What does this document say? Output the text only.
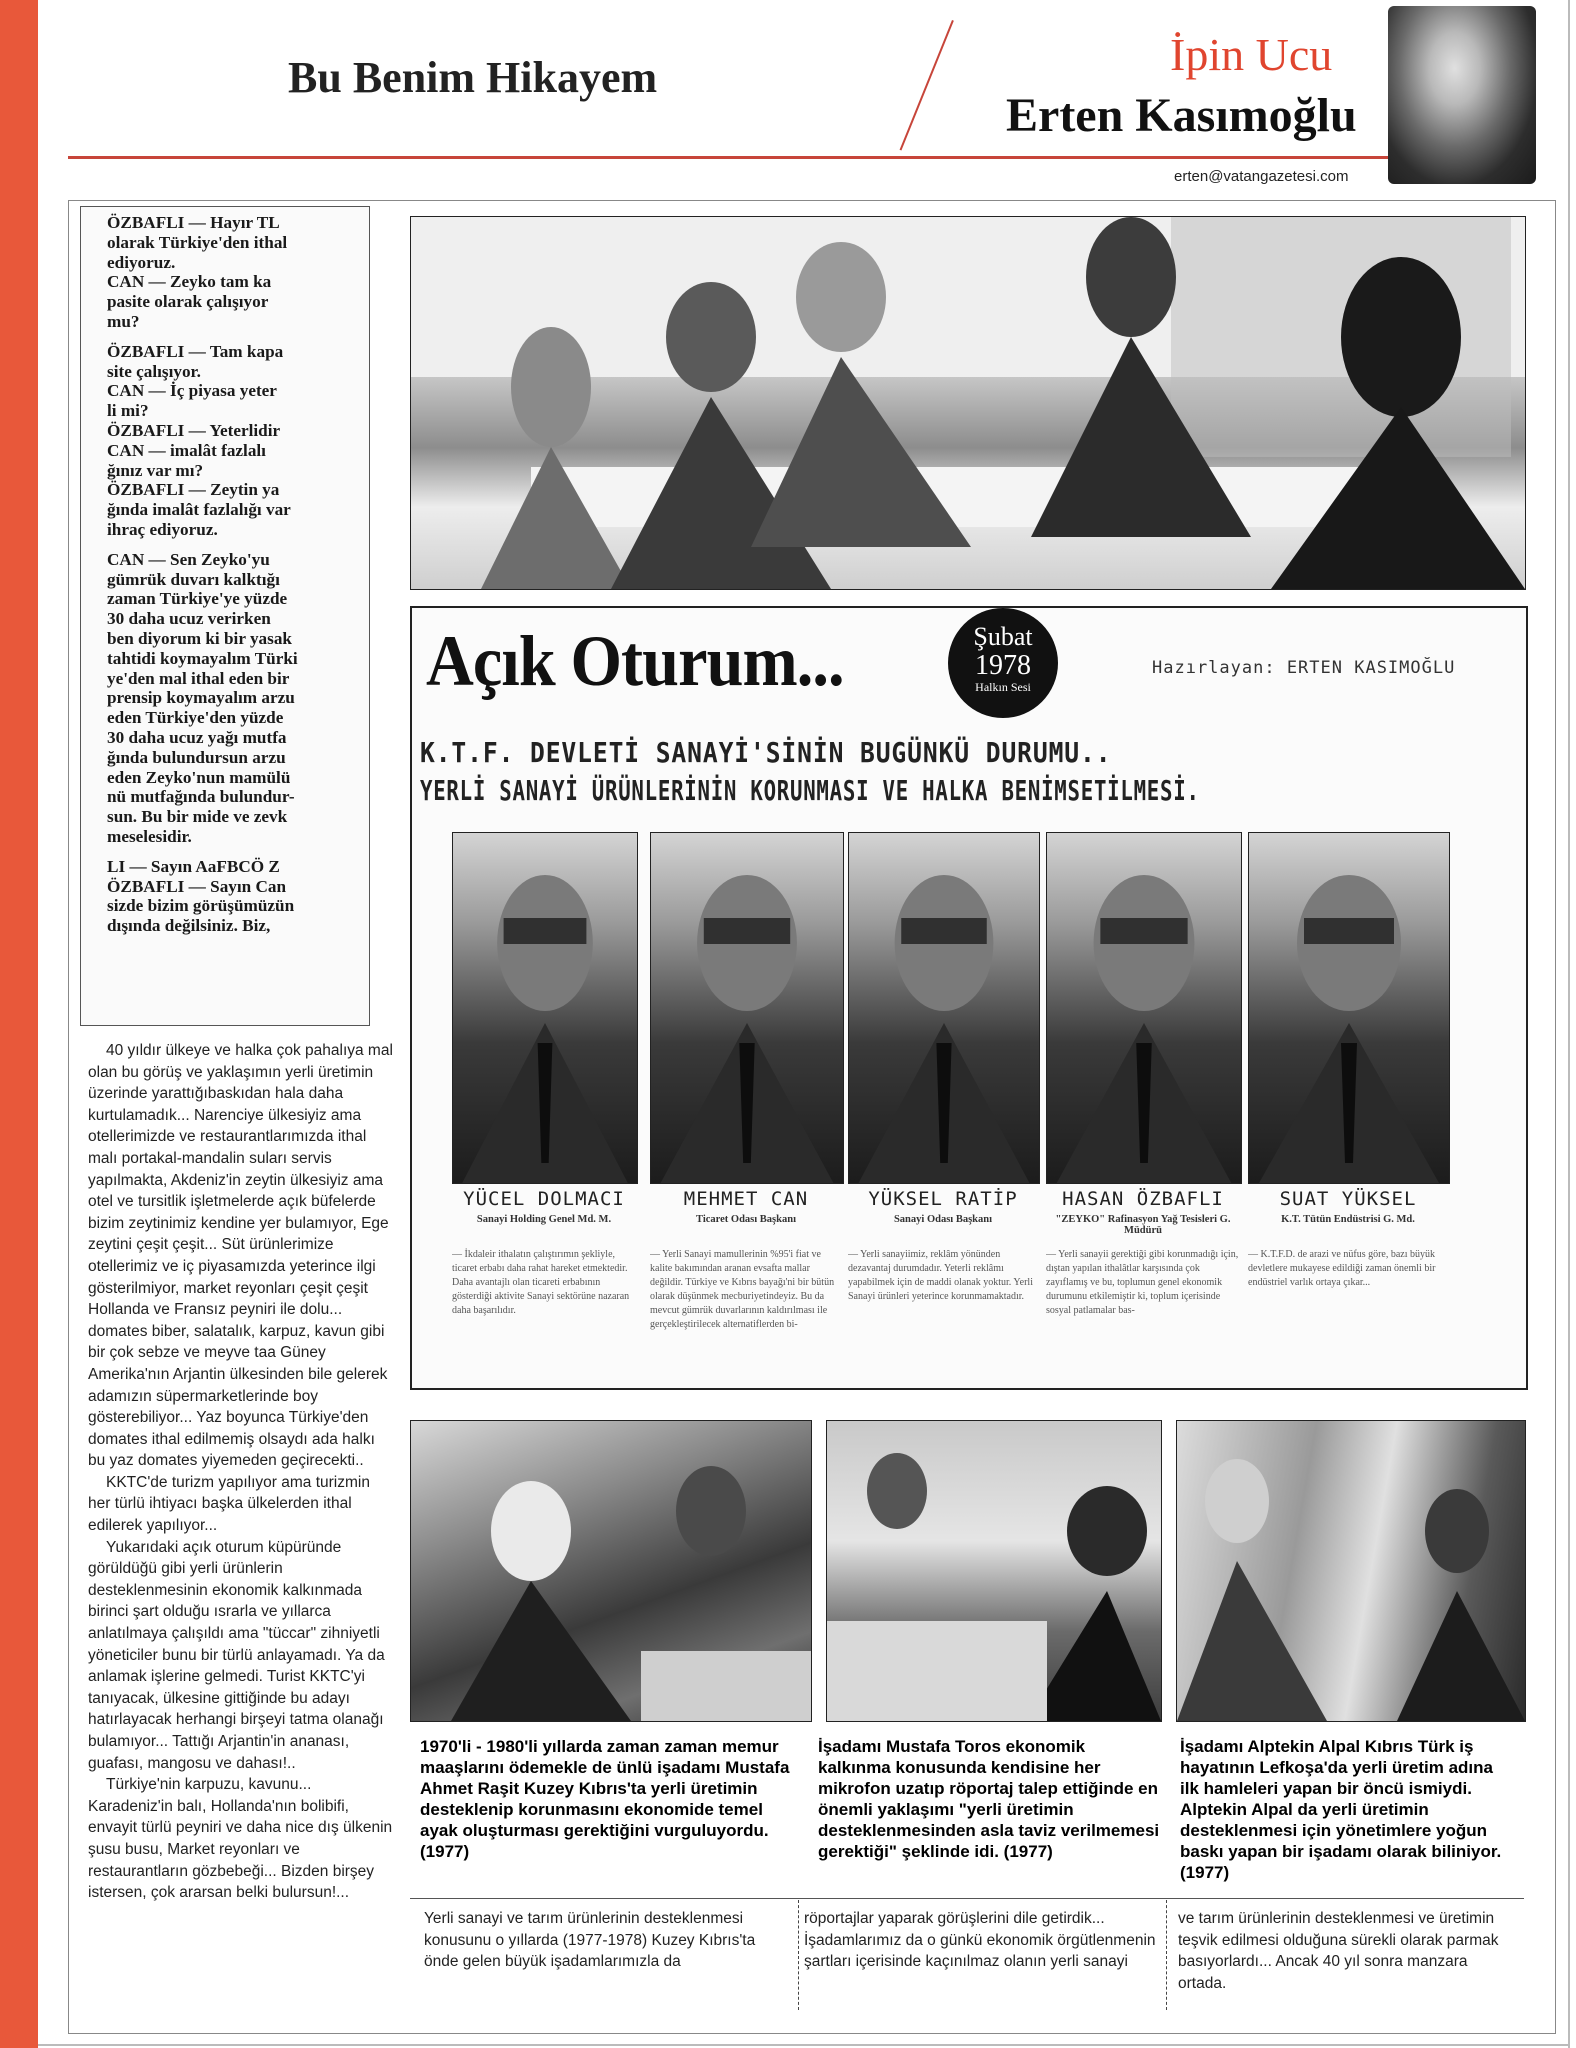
Bu Benim Hikayem	İpin Ucu
Erten Kasımoğlu
erten@vatangazetesi.com
ÖZBAFLI — Hayır TL
olarak Türkiye'den ithal
ediyoruz.
CAN — Zeyko tam ka
pasite olarak çalışıyor
mu?
ÖZBAFLI — Tam kapa
site çalışıyor.
CAN — İç piyasa yeter
li mi?
ÖZBAFLI — Yeterlidir
CAN — imalât fazlalı
ğınız var mı?
ÖZBAFLI — Zeytin ya
ğında imalât fazlalığı var
ihraç ediyoruz.
CAN — Sen Zeyko'yu
gümrük duvarı kalktığı
zaman Türkiye'ye yüzde
30 daha ucuz verirken
ben diyorum ki bir yasak
tahtidi koymayalım Türki
ye'den mal ithal eden bir
prensip koymayalım arzu
eden Türkiye'den yüzde
30 daha ucuz yağı mutfa
ğında bulundursun arzu
eden Zeyko'nun mamülü
nü mutfağında bulundur-
sun. Bu bir mide ve zevk
meselesidir.
LI — Sayın AaFBCÖ Z
ÖZBAFLI — Sayın Can
sizde bizim görüşümüzün
dışında değilsiniz. Biz,

40 yıldır ülkeye ve halka çok pahalıya mal olan bu görüş ve yaklaşımın yerli üretimin üzerinde yarattığıbaskıdan hala daha kurtulamadık... Narenciye ülkesiyiz ama otellerimizde ve restaurantlarımızda ithal malı portakal-mandalin suları servis yapılmakta, Akdeniz'in zeytin ülkesiyiz ama otel ve tursitlik işletmelerde açık büfelerde bizim zeytinimiz kendine yer bulamıyor, Ege zeytini çeşit çeşit... Süt ürünlerimize otellerimiz ve iç piyasamızda yeterince ilgi gösterilmiyor, market reyonları çeşit çeşit Hollanda ve Fransız peyniri ile dolu... domates biber, salatalık, karpuz, kavun gibi bir çok sebze ve meyve taa Güney Amerika'nın Arjantin ülkesinden bile gelerek adamızın süpermarketlerinde boy gösterebiliyor... Yaz boyunca Türkiye'den domates ithal edilmemiş olsaydı ada halkı bu yaz domates yiyemeden geçirecekti..

KKTC'de turizm yapılıyor ama turizmin her türlü ihtiyacı başka ülkelerden ithal edilerek yapılıyor...

Yukarıdaki açık oturum küpüründe görüldüğü gibi yerli ürünlerin desteklenmesinin ekonomik kalkınmada birinci şart olduğu ısrarla ve yıllarca anlatılmaya çalışıldı ama "tüccar" zihniyetli yöneticiler bunu bir türlü anlayamadı. Ya da anlamak işlerine gelmedi. Turist KKTC'yi tanıyacak, ülkesine gittiğinde bu adayı hatırlayacak herhangi birşeyi tatma olanağı bulamıyor... Tattığı Arjantin'in ananası, guafası, mangosu ve dahası!..

Türkiye'nin karpuzu, kavunu... Karadeniz'in balı, Hollanda'nın bolibifi, envayit türlü peyniri ve daha nice dış ülkenin şusu busu, Market reyonları ve restaurantların gözbebeği... Bizden birşey istersen, çok ararsan belki bulursun!...

Açık Oturum...	Şubat
1978
Halkın Sesi
Hazırlayan: ERTEN KASIMOĞLU
K.T.F. DEVLETİ SANAYİ'SİNİN BUGÜNKÜ DURUMU..
YERLİ SANAYİ ÜRÜNLERİNİN KORUNMASI VE HALKA BENİMSETİLMESİ.
YÜCEL DOLMACI
Sanayi Holding Genel Md. M.
— İkdaleir ithalatın çalıştırımın şekliyle, ticaret erbabı daha rahat hareket etmektedir. Daha avantajlı olan ticareti erbabının gösterdiği aktivite Sanayi sektörüne nazaran daha başarılıdır.
MEHMET CAN
Ticaret Odası Başkanı
— Yerli Sanayi mamullerinin %95'i fiat ve kalite bakımından aranan evsafta mallar değildir. Türkiye ve Kıbrıs bayağı'ni bir bütün olarak düşünmek mecburiyetindeyiz. Bu da mevcut gümrük duvarlarının kaldırılması ile gerçekleştirilecek alternatiflerden bi-
YÜKSEL RATİP
Sanayi Odası Başkanı
— Yerli sanayiimiz, reklâm yönünden dezavantaj durumdadır. Yeterli reklâmı yapabilmek için de maddi olanak yoktur. Yerli Sanayi ürünleri yeterince korunmamaktadır.
HASAN ÖZBAFLI
"ZEYKO" Rafinasyon Yağ Tesisleri G. Müdürü
— Yerli sanayii gerektiği gibi korunmadığı için, dıştan yapılan ithalâtlar karşısında çok zayıflamış ve bu, toplumun genel ekonomik durumunu etkilemiştir ki, toplum içerisinde sosyal patlamalar bas-
SUAT YÜKSEL
K.T. Tütün Endüstrisi G. Md.
— K.T.F.D. de arazi ve nüfus göre, bazı büyük devletlere mukayese edildiği zaman önemli bir endüstriel varlık ortaya çıkar...
1970'li - 1980'li yıllarda zaman zaman memur maaşlarını ödemekle de ünlü işadamı Mustafa Ahmet Raşit Kuzey Kıbrıs'ta yerli üretimin desteklenip korunmasını ekonomide temel ayak oluşturması gerektiğini vurguluyordu. (1977)
İşadamı Mustafa Toros ekonomik kalkınma konusunda kendisine her mikrofon uzatıp röportaj talep ettiğinde en önemli yaklaşımı "yerli üretimin desteklenmesinden asla taviz verilmemesi gerektiği" şeklinde idi. (1977)
İşadamı Alptekin Alpal Kıbrıs Türk iş hayatının Lefkoşa'da yerli üretim adına ilk hamleleri yapan bir öncü ismiydi. Alptekin Alpal da yerli üretimin desteklenmesi için yönetimlere yoğun baskı yapan bir işadamı olarak biliniyor. (1977)
Yerli sanayi ve tarım ürünlerinin desteklenmesi konusunu o yıllarda (1977-1978) Kuzey Kıbrıs'ta önde gelen büyük işadamlarımızla da
röportajlar yaparak görüşlerini dile getirdik... İşadamlarımız da o günkü ekonomik örgütlenmenin şartları içerisinde kaçınılmaz olanın yerli sanayi
ve tarım ürünlerinin desteklenmesi ve üretimin teşvik edilmesi olduğuna sürekli olarak parmak basıyorlardı... Ancak 40 yıl sonra manzara ortada.
